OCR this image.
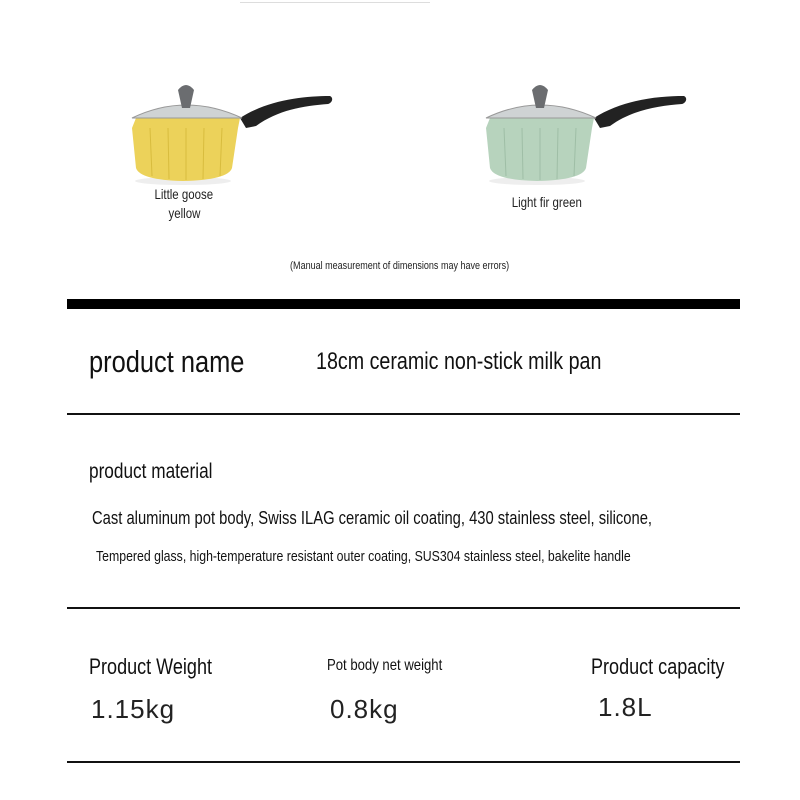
Little goose
yellow
Light fir green
(Manual measurement of dimensions may have errors)
product name	18cm ceramic non-stick milk pan
product material
Cast aluminum pot body, Swiss ILAG ceramic oil coating, 430 stainless steel, silicone,
Tempered glass, high-temperature resistant outer coating, SUS304 stainless steel, bakelite handle
Product Weight
1.15kg
Pot body net weight
0.8kg
Product capacity
1.8L
